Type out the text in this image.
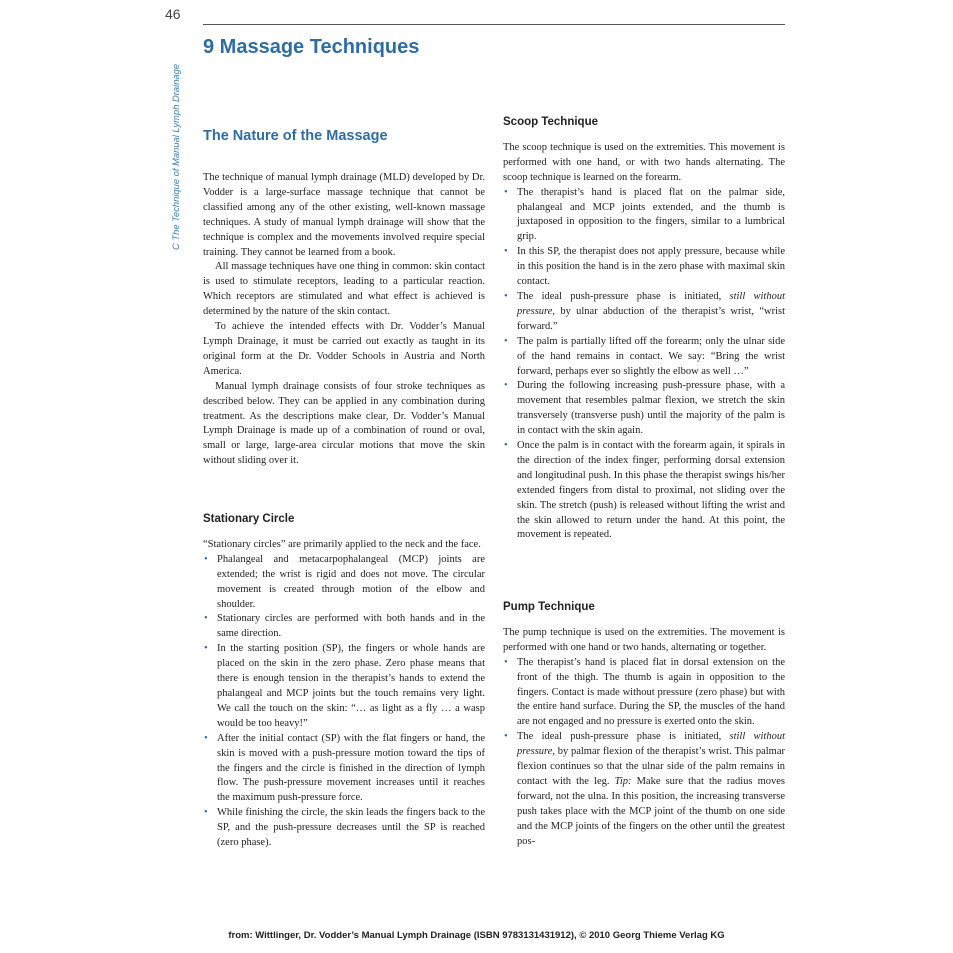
46
C The Technique of Manual Lymph Drainage
9 Massage Techniques
The Nature of the Massage

The technique of manual lymph drainage (MLD) developed by Dr. Vodder is a large-surface massage technique that cannot be classified among any of the other existing, well-known massage techniques. A study of manual lymph drainage will show that the technique is complex and the movements involved require special training. They cannot be learned from a book.

All massage techniques have one thing in common: skin contact is used to stimulate receptors, leading to a particular reaction. Which receptors are stimulated and what effect is achieved is determined by the nature of the skin contact.

To achieve the intended effects with Dr. Vodder’s Manual Lymph Drainage, it must be carried out exactly as taught in its original form at the Dr. Vodder Schools in Austria and North America.

Manual lymph drainage consists of four stroke techniques as described below. They can be applied in any combination during treatment. As the descriptions make clear, Dr. Vodder’s Manual Lymph Drainage is made up of a combination of round or oval, small or large, large-area circular motions that move the skin without sliding over it.

Stationary Circle

“Stationary circles” are primarily applied to the neck and the face.

• Phalangeal and metacarpophalangeal (MCP) joints are extended; the wrist is rigid and does not move. The circular movement is created through motion of the elbow and shoulder.
• Stationary circles are performed with both hands and in the same direction.
• In the starting position (SP), the fingers or whole hands are placed on the skin in the zero phase. Zero phase means that there is enough tension in the therapist’s hands to extend the phalangeal and MCP joints but the touch remains very light. We call the touch on the skin: “… as light as a fly … a wasp would be too heavy!”
• After the initial contact (SP) with the flat fingers or hand, the skin is moved with a push-pressure motion toward the tips of the fingers and the circle is finished in the direction of lymph flow. The push-pressure movement increases until it reaches the maximum push-pressure force.
• While finishing the circle, the skin leads the fingers back to the SP, and the push-pressure decreases until the SP is reached (zero phase).
Scoop Technique

The scoop technique is used on the extremities. This movement is performed with one hand, or with two hands alternating. The scoop technique is learned on the forearm.

• The therapist’s hand is placed flat on the palmar side, phalangeal and MCP joints extended, and the thumb is juxtaposed in opposition to the fingers, similar to a lumbrical grip.
• In this SP, the therapist does not apply pressure, because while in this position the hand is in the zero phase with maximal skin contact.
• The ideal push-pressure phase is initiated, still without pressure, by ulnar abduction of the therapist’s wrist, “wrist forward.”
• The palm is partially lifted off the forearm; only the ulnar side of the hand remains in contact. We say: “Bring the wrist forward, perhaps ever so slightly the elbow as well …”
• During the following increasing push-pressure phase, with a movement that resembles palmar flexion, we stretch the skin transversely (transverse push) until the majority of the palm is in contact with the skin again.
• Once the palm is in contact with the forearm again, it spirals in the direction of the index finger, performing dorsal extension and longitudinal push. In this phase the therapist swings his/her extended fingers from distal to proximal, not sliding over the skin. The stretch (push) is released without lifting the wrist and the skin allowed to return under the hand. At this point, the movement is repeated.
Pump Technique

The pump technique is used on the extremities. The movement is performed with one hand or two hands, alternating or together.

• The therapist’s hand is placed flat in dorsal extension on the front of the thigh. The thumb is again in opposition to the fingers. Contact is made without pressure (zero phase) but with the entire hand surface. During the SP, the muscles of the hand are not engaged and no pressure is exerted onto the skin.
• The ideal push-pressure phase is initiated, still without pressure, by palmar flexion of the therapist’s wrist. This palmar flexion continues so that the ulnar side of the palm remains in contact with the leg. Tip: Make sure that the radius moves forward, not the ulna. In this position, the increasing transverse push takes place with the MCP joint of the thumb on one side and the MCP joints of the fingers on the other until the greatest pos-
from: Wittlinger, Dr. Vodder’s Manual Lymph Drainage (ISBN 9783131431912), © 2010 Georg Thieme Verlag KG
